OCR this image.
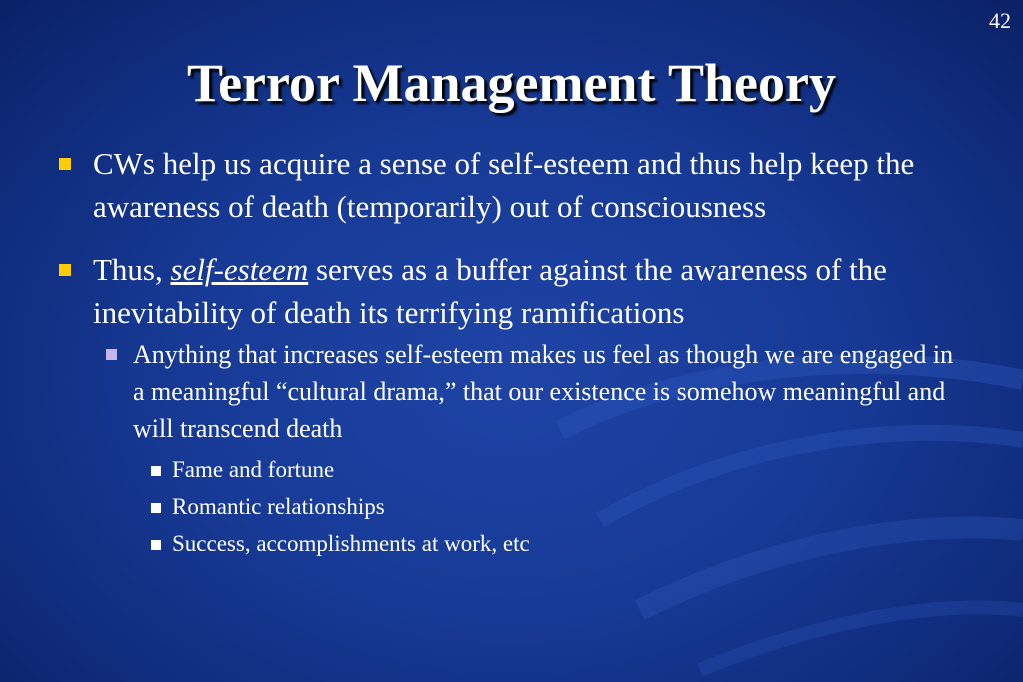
42
Terror Management Theory
CWs help us acquire a sense of self-esteem and thus help keep the awareness of death (temporarily) out of consciousness
Thus, self-esteem serves as a buffer against the awareness of the inevitability of death its terrifying ramifications
Anything that increases self-esteem makes us feel as though we are engaged in a meaningful “cultural drama,” that our existence is somehow meaningful and will transcend death
Fame and fortune
Romantic relationships
Success, accomplishments at work, etc
